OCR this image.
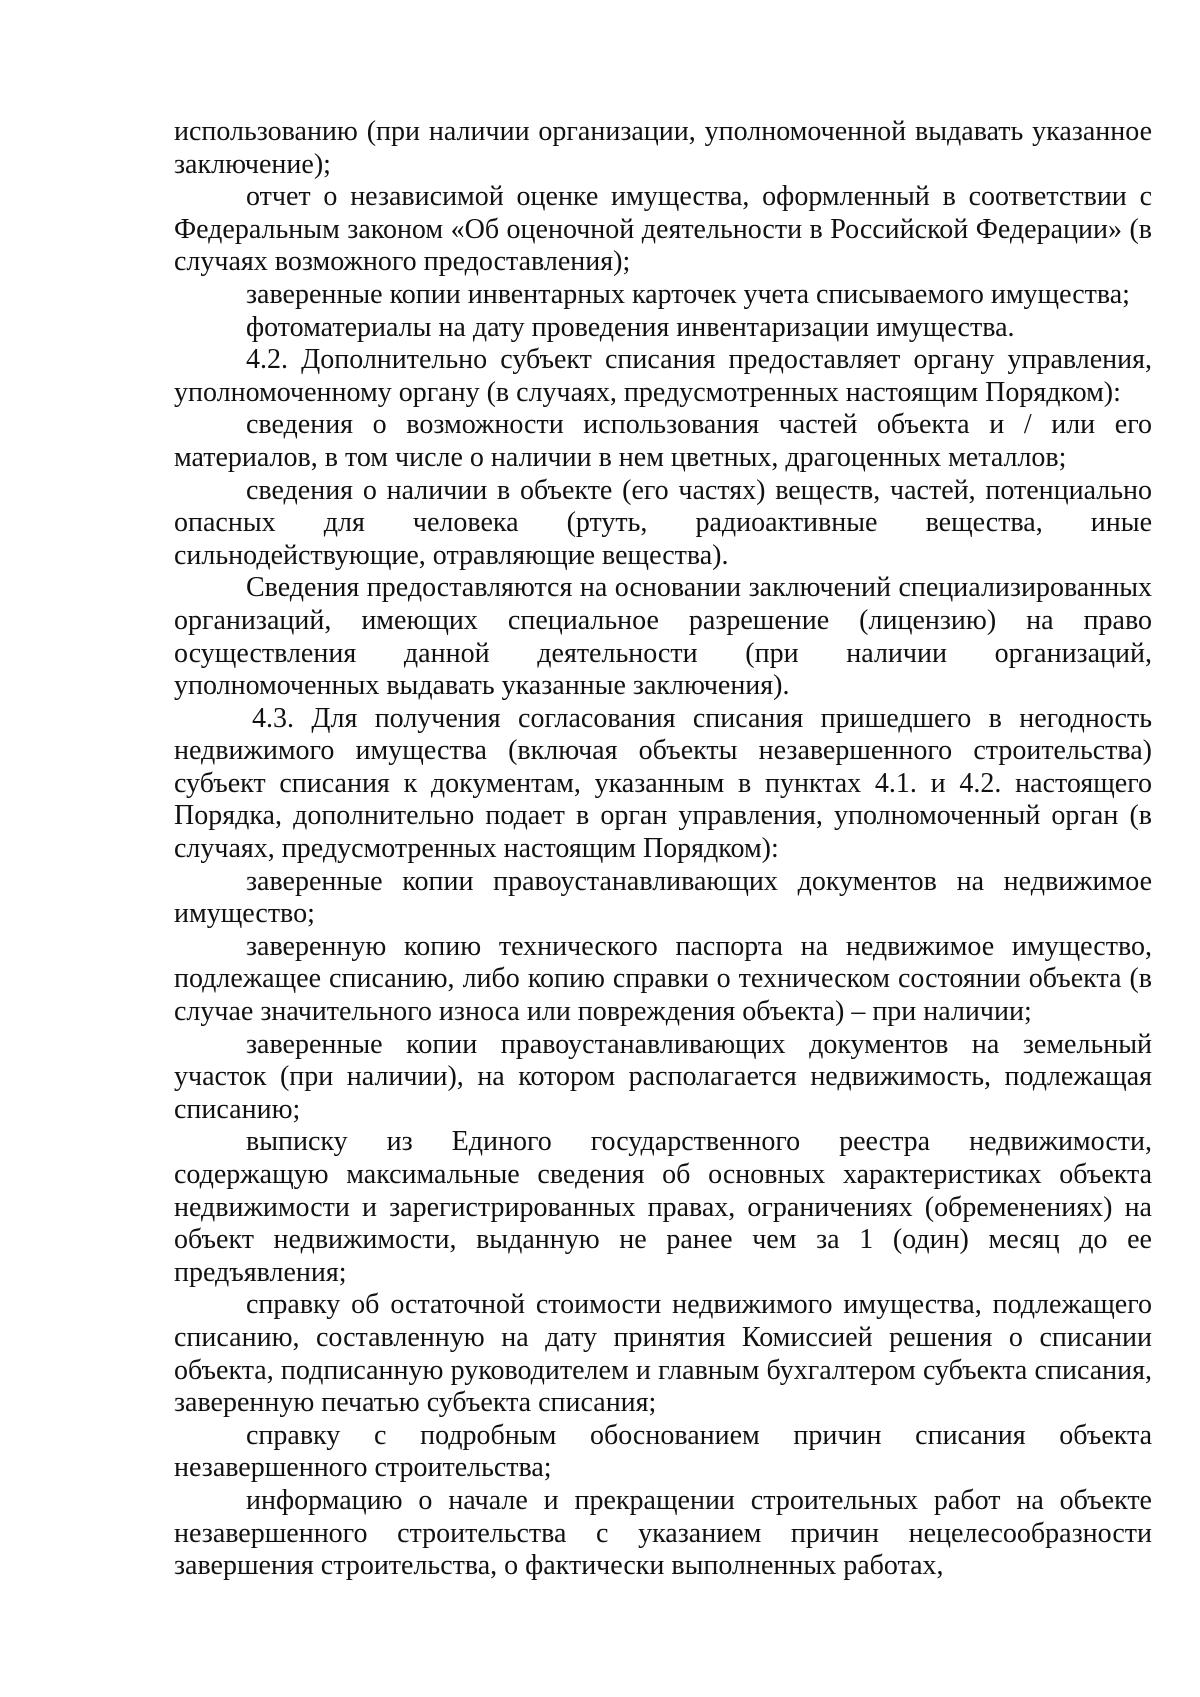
использованию (при наличии организации, уполномоченной выдавать указанное заключение);

отчет о независимой оценке имущества, оформленный в соответствии с Федеральным законом «Об оценочной деятельности в Российской Федерации» (в случаях возможного предоставления);

заверенные копии инвентарных карточек учета списываемого имущества;

фотоматериалы на дату проведения инвентаризации имущества.

4.2. Дополнительно субъект списания предоставляет органу управления, уполномоченному органу (в случаях, предусмотренных настоящим Порядком):

сведения о возможности использования частей объекта и / или его материалов, в том числе о наличии в нем цветных, драгоценных металлов;

сведения о наличии в объекте (его частях) веществ, частей, потенциально опасных для человека (ртуть, радиоактивные вещества, иные сильнодействующие, отравляющие вещества).

Сведения предоставляются на основании заключений специализированных организаций, имеющих специальное разрешение (лицензию) на право осуществления данной деятельности (при наличии организаций, уполномоченных выдавать указанные заключения).

4.3. Для получения согласования списания пришедшего в негодность недвижимого имущества (включая объекты незавершенного строительства) субъект списания к документам, указанным в пунктах 4.1. и 4.2. настоящего Порядка, дополнительно подает в орган управления, уполномоченный орган (в случаях, предусмотренных настоящим Порядком):

заверенные копии правоустанавливающих документов на недвижимое имущество;

заверенную копию технического паспорта на недвижимое имущество, подлежащее списанию, либо копию справки о техническом состоянии объекта (в случае значительного износа или повреждения объекта) – при наличии;

заверенные копии правоустанавливающих документов на земельный участок (при наличии), на котором располагается недвижимость, подлежащая списанию;

выписку из Единого государственного реестра недвижимости, содержащую максимальные сведения об основных характеристиках объекта недвижимости и зарегистрированных правах, ограничениях (обременениях) на объект недвижимости, выданную не ранее чем за 1 (один) месяц до ее предъявления;

справку об остаточной стоимости недвижимого имущества, подлежащего списанию, составленную на дату принятия Комиссией решения о списании объекта, подписанную руководителем и главным бухгалтером субъекта списания, заверенную печатью субъекта списания;

справку с подробным обоснованием причин списания объекта незавершенного строительства;

информацию о начале и прекращении строительных работ на объекте незавершенного строительства с указанием причин нецелесообразности завершения строительства, о фактически выполненных работах,
